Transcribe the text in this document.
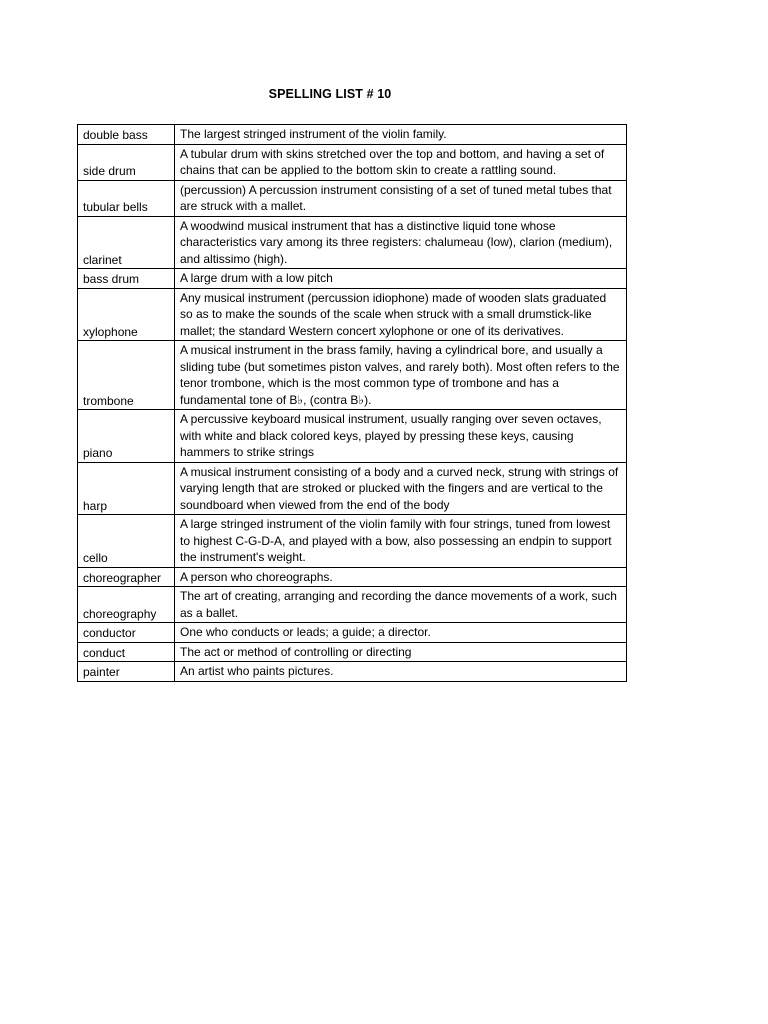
SPELLING LIST # 10
double bass	The largest stringed instrument of the violin family.
side drum	A tubular drum with skins stretched over the top and bottom, and having a set of chains that can be applied to the bottom skin to create a rattling sound.
tubular bells	(percussion) A percussion instrument consisting of a set of tuned metal tubes that are struck with a mallet.
clarinet	A woodwind musical instrument that has a distinctive liquid tone whose characteristics vary among its three registers: chalumeau (low), clarion (medium), and altissimo (high).
bass drum	A large drum with a low pitch
xylophone	Any musical instrument (percussion idiophone) made of wooden slats graduated so as to make the sounds of the scale when struck with a small drumstick-like mallet; the standard Western concert xylophone or one of its derivatives.
trombone	A musical instrument in the brass family, having a cylindrical bore, and usually a sliding tube (but sometimes piston valves, and rarely both). Most often refers to the tenor trombone, which is the most common type of trombone and has a fundamental tone of B♭, (contra B♭).
piano	A percussive keyboard musical instrument, usually ranging over seven octaves, with white and black colored keys, played by pressing these keys, causing hammers to strike strings
harp	A musical instrument consisting of a body and a curved neck, strung with strings of varying length that are stroked or plucked with the fingers and are vertical to the soundboard when viewed from the end of the body
cello	A large stringed instrument of the violin family with four strings, tuned from lowest to highest C-G-D-A, and played with a bow, also possessing an endpin to support the instrument's weight.
choreographer	A person who choreographs.
choreography	The art of creating, arranging and recording the dance movements of a work, such as a ballet.
conductor	One who conducts or leads; a guide; a director.
conduct	The act or method of controlling or directing
painter	An artist who paints pictures.
